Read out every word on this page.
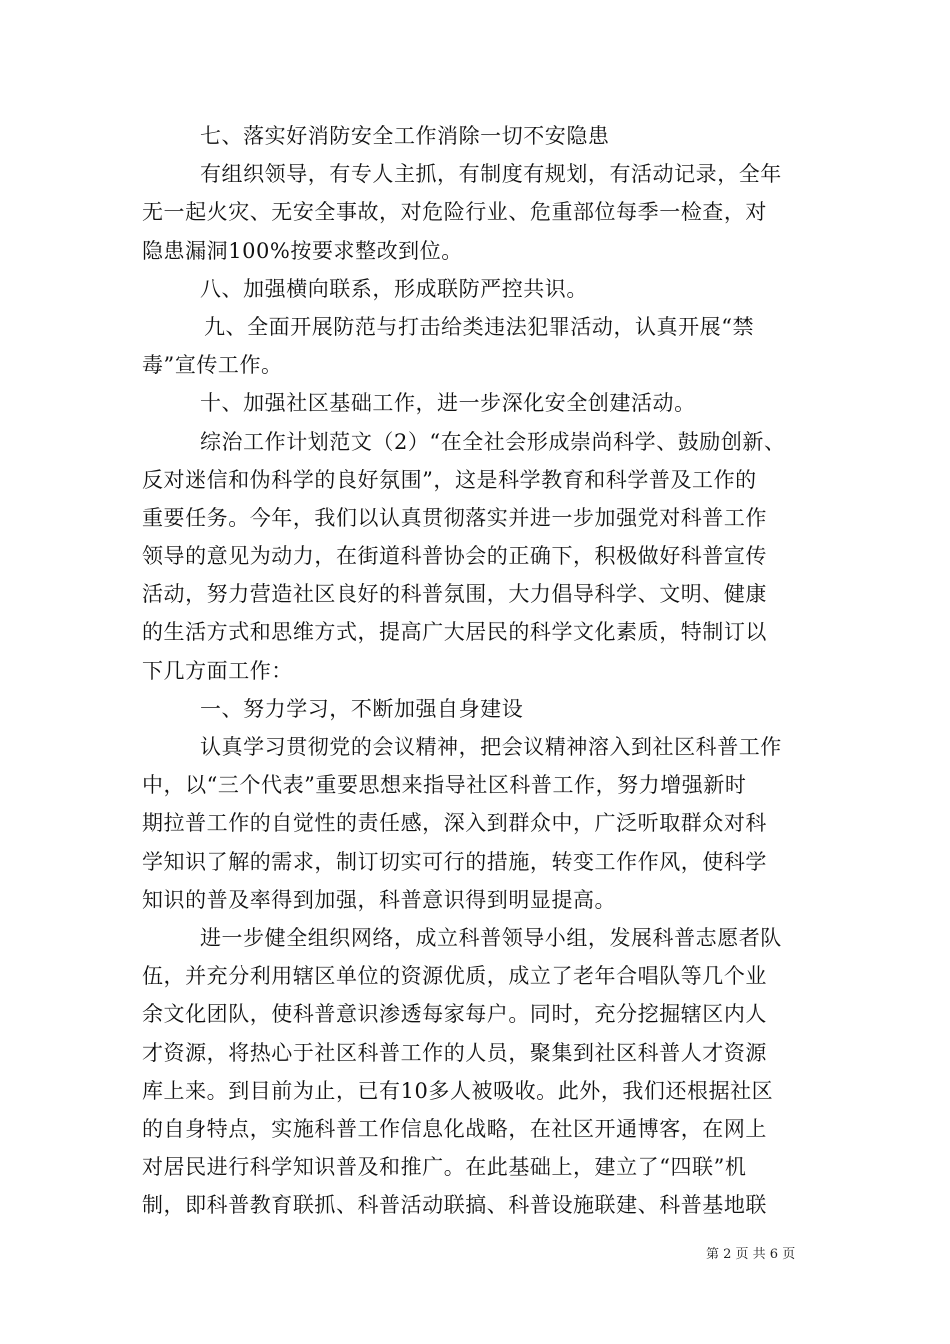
七、落实好消防安全工作消除一切不安隐患
有组织领导，有专人主抓，有制度有规划，有活动记录，全年
无一起火灾、无安全事故，对危险行业、危重部位每季一检查，对
隐患漏洞100%按要求整改到位。
八、加强横向联系，形成联防严控共识。
九、全面开展防范与打击给类违法犯罪活动，认真开展“禁
毒”宣传工作。
十、加强社区基础工作，进一步深化安全创建活动。
综治工作计划范文（2）“在全社会形成崇尚科学、鼓励创新、
反对迷信和伪科学的良好氛围”，这是科学教育和科学普及工作的
重要任务。今年，我们以认真贯彻落实并进一步加强党对科普工作
领导的意见为动力，在街道科普协会的正确下，积极做好科普宣传
活动，努力营造社区良好的科普氛围，大力倡导科学、文明、健康
的生活方式和思维方式，提高广大居民的科学文化素质，特制订以
下几方面工作：
一、努力学习，不断加强自身建设
认真学习贯彻党的会议精神，把会议精神溶入到社区科普工作
中，以“三个代表”重要思想来指导社区科普工作，努力增强新时
期拉普工作的自觉性的责任感，深入到群众中，广泛听取群众对科
学知识了解的需求，制订切实可行的措施，转变工作作风，使科学
知识的普及率得到加强，科普意识得到明显提高。
进一步健全组织网络，成立科普领导小组，发展科普志愿者队
伍，并充分利用辖区单位的资源优质，成立了老年合唱队等几个业
余文化团队，使科普意识渗透每家每户。同时，充分挖掘辖区内人
才资源，将热心于社区科普工作的人员，聚集到社区科普人才资源
库上来。到目前为止，已有10多人被吸收。此外，我们还根据社区
的自身特点，实施科普工作信息化战略，在社区开通博客，在网上
对居民进行科学知识普及和推广。在此基础上，建立了“四联”机
制，即科普教育联抓、科普活动联搞、科普设施联建、科普基地联
第 2 页 共 6 页
